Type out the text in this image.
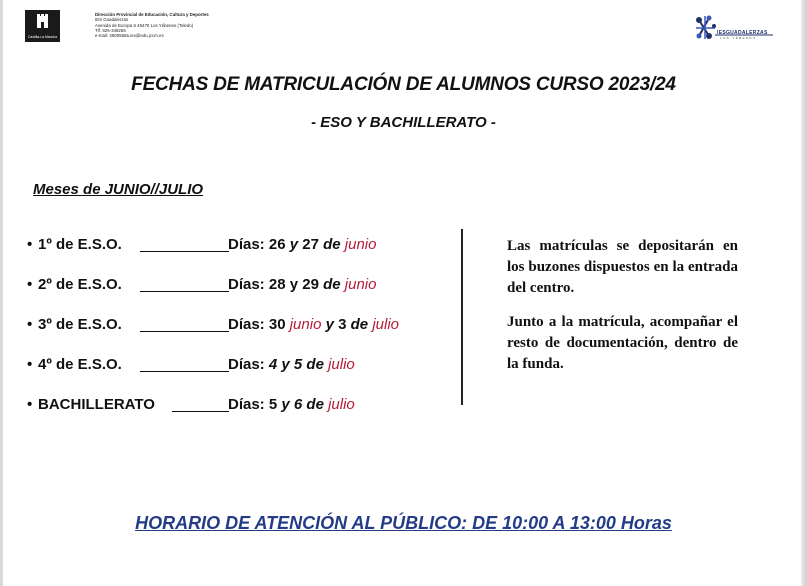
Castilla-La Mancha
Dirección Provincial de Educación, Cultura y Deportes
IES Guadalerzas
Avenida de Europa 6 45470 Los Yébenes (Toledo)
Tlf: 925-348265
e-mail: 45005555.ies@edu.jccm.es	IESGUADALERZAS
LOS YÉBENES
FECHAS DE MATRICULACIÓN DE ALUMNOS CURSO 2023/24
- ESO Y BACHILLERATO -
Meses de JUNIO//JULIO
• 1º de E.S.O.	Días: 26 y 27 de junio
• 2º de E.S.O.	Días: 28 y 29 de junio
• 3º de E.S.O.	Días: 30 junio y 3 de julio
• 4º de E.S.O.	Días: 4 y 5 de julio
• BACHILLERATO	Días: 5 y 6 de julio
Las matrículas se depositarán en los buzones dispuestos en la entrada del centro.
Junto a la matrícula, acompañar el resto de documentación, dentro de la funda.
HORARIO DE ATENCIÓN AL PÚBLICO: DE 10:00 A 13:00 Horas
